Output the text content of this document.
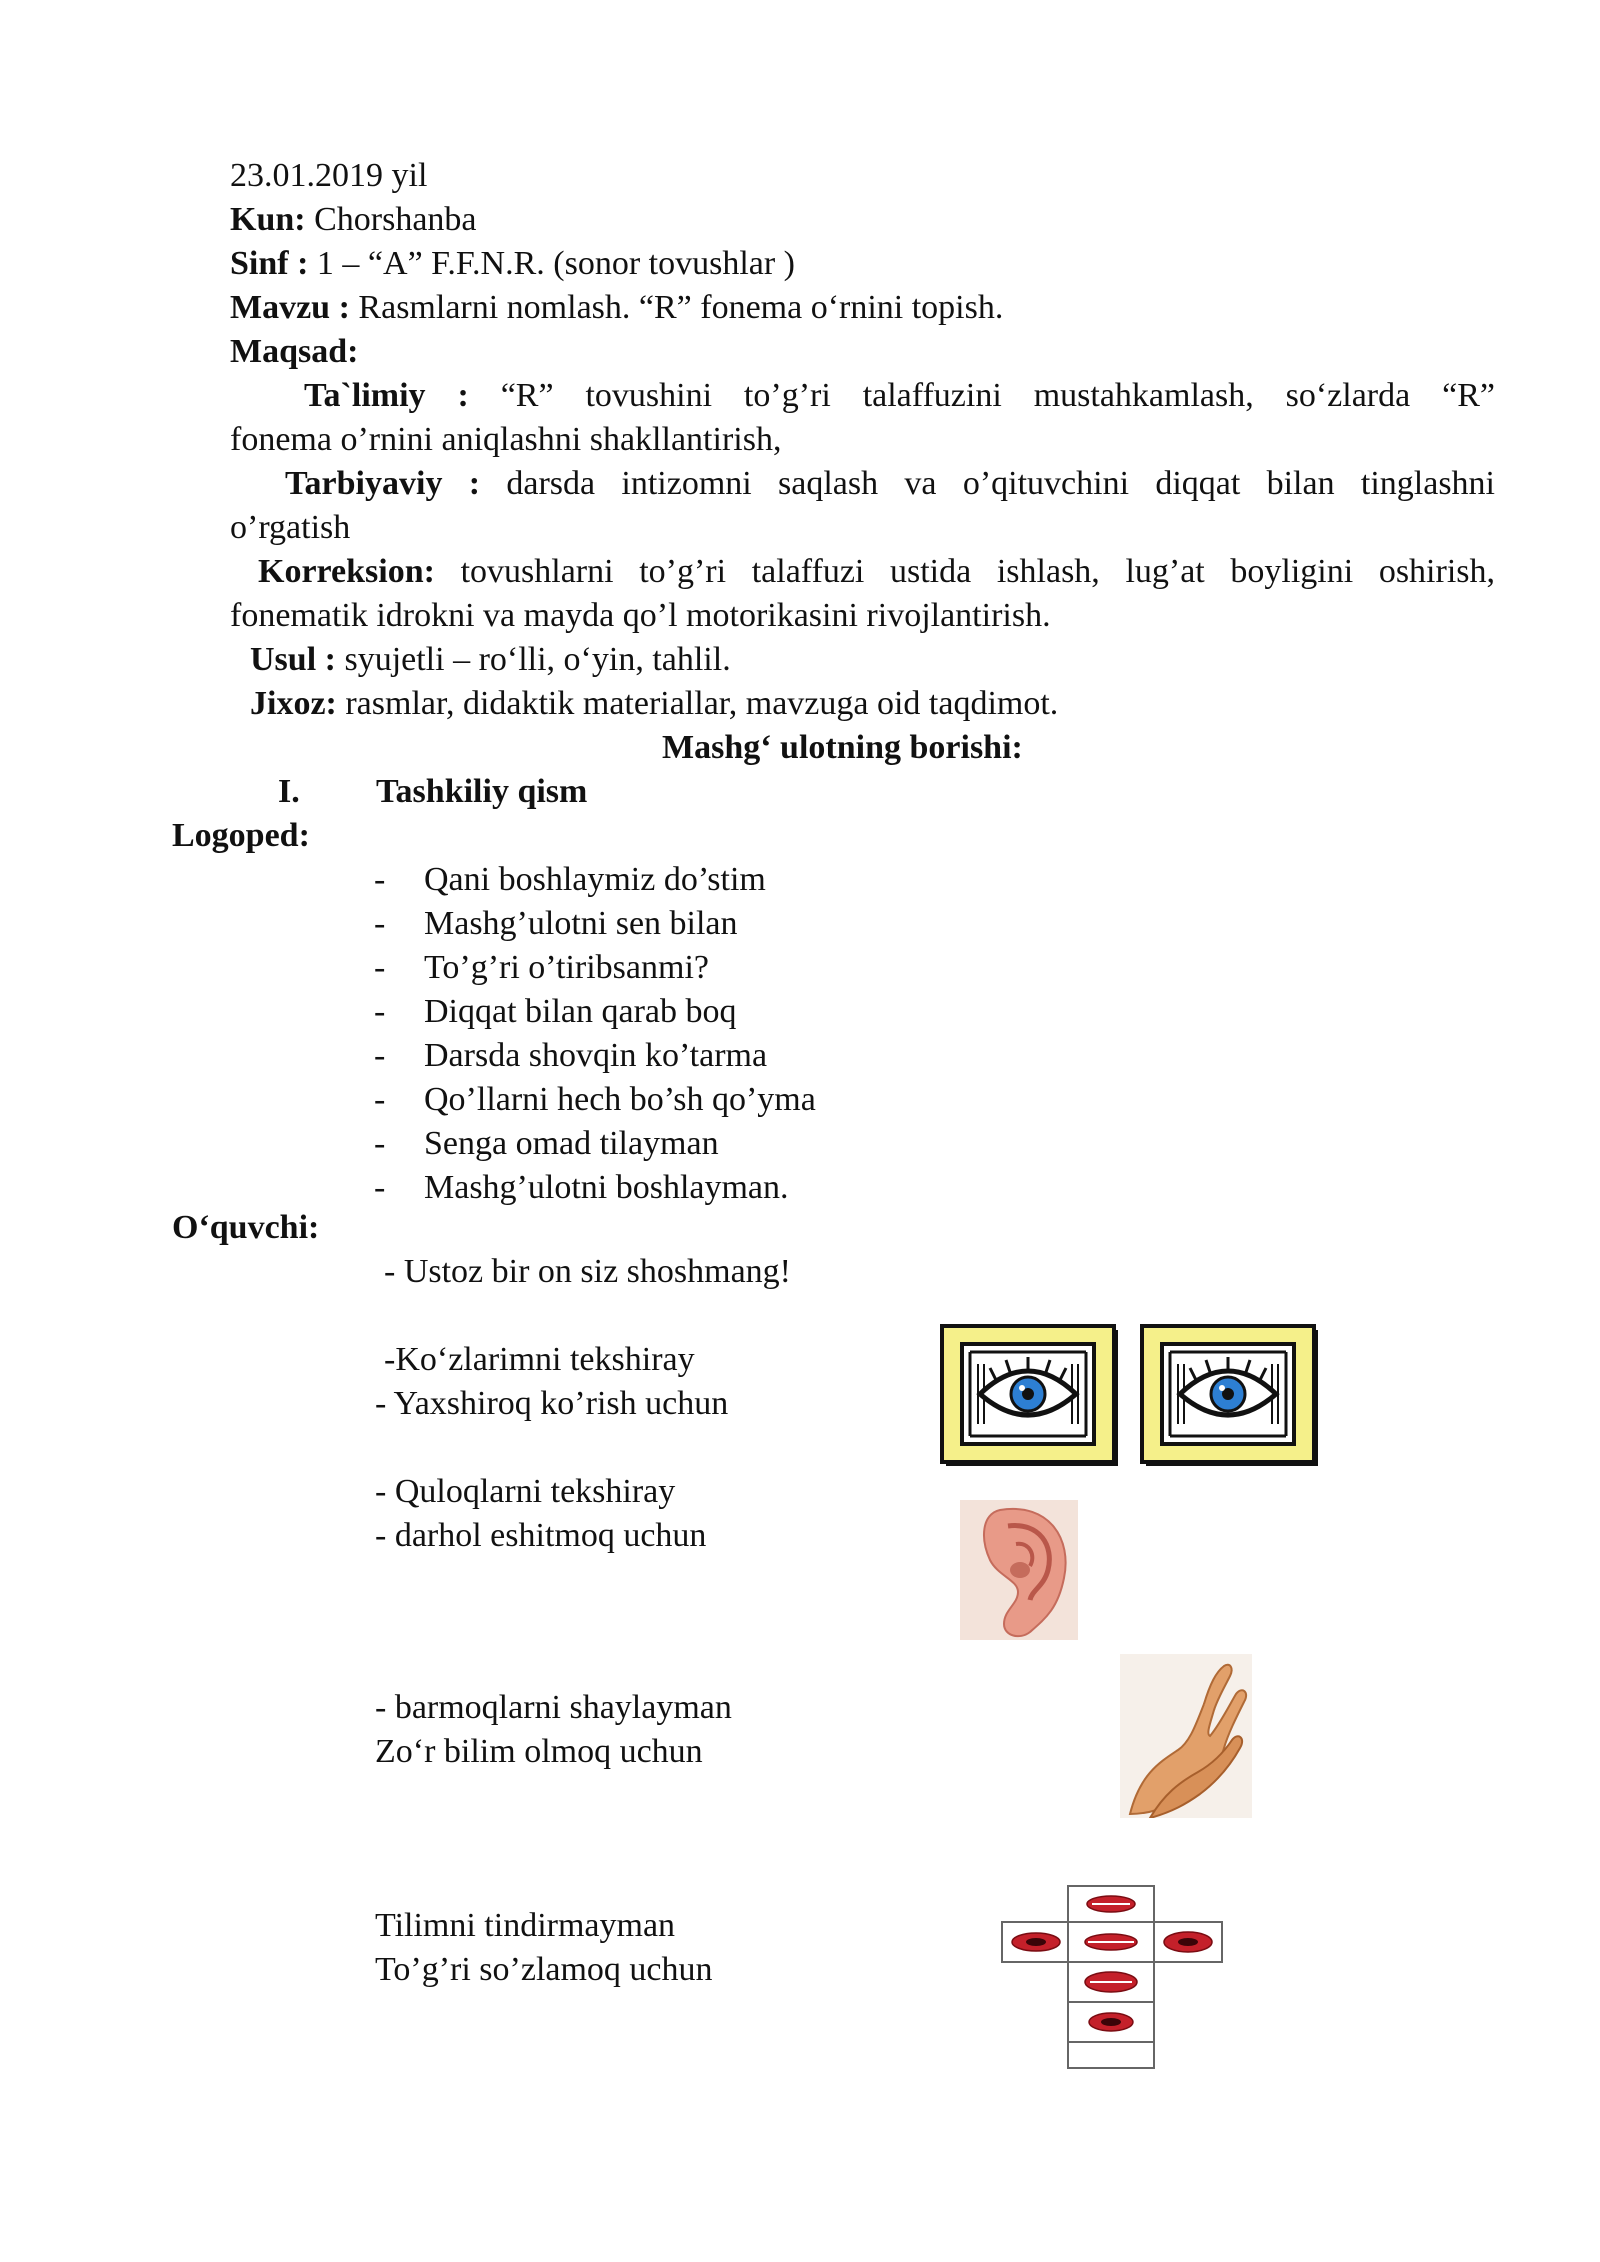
23.01.2019 yil
Kun: Chorshanba
Sinf : 1 – “A” F.F.N.R. (sonor tovushlar )
Mavzu : Rasmlarni nomlash. “R” fonema o‘rnini topish.
Maqsad:
Ta`limiy : “R” tovushini to’g’ri talaffuzini mustahkamlash, so‘zlarda “R”
fonema o’rnini aniqlashni shakllantirish,
Tarbiyaviy : darsda intizomni saqlash va o’qituvchini diqqat bilan tinglashni
o’rgatish
Korreksion: tovushlarni to’g’ri talaffuzi ustida ishlash, lug’at boyligini oshirish,
fonematik idrokni va mayda qo’l motorikasini rivojlantirish.
Usul : syujetli – ro‘lli, o‘yin, tahlil.
Jixoz: rasmlar, didaktik materiallar, mavzuga oid taqdimot.
Mashg‘ ulotning borishi:
I. Tashkiliy qism
Logoped:
- Qani boshlaymiz do’stim
- Mashg’ulotni sen bilan
- To’g’ri o’tiribsanmi?
- Diqqat bilan qarab boq
- Darsda shovqin ko’tarma
- Qo’llarni hech bo’sh qo’yma
- Senga omad tilayman
- Mashg’ulotni boshlayman.
O‘quvchi:
- Ustoz bir on siz shoshmang!
-Ko‘zlarimni tekshiray
- Yaxshiroq ko’rish uchun
- Quloqlarni tekshiray
- darhol eshitmoq uchun
- barmoqlarni shaylayman
Zo‘r bilim olmoq uchun
Tilimni tindirmayman
To’g’ri so’zlamoq uchun
